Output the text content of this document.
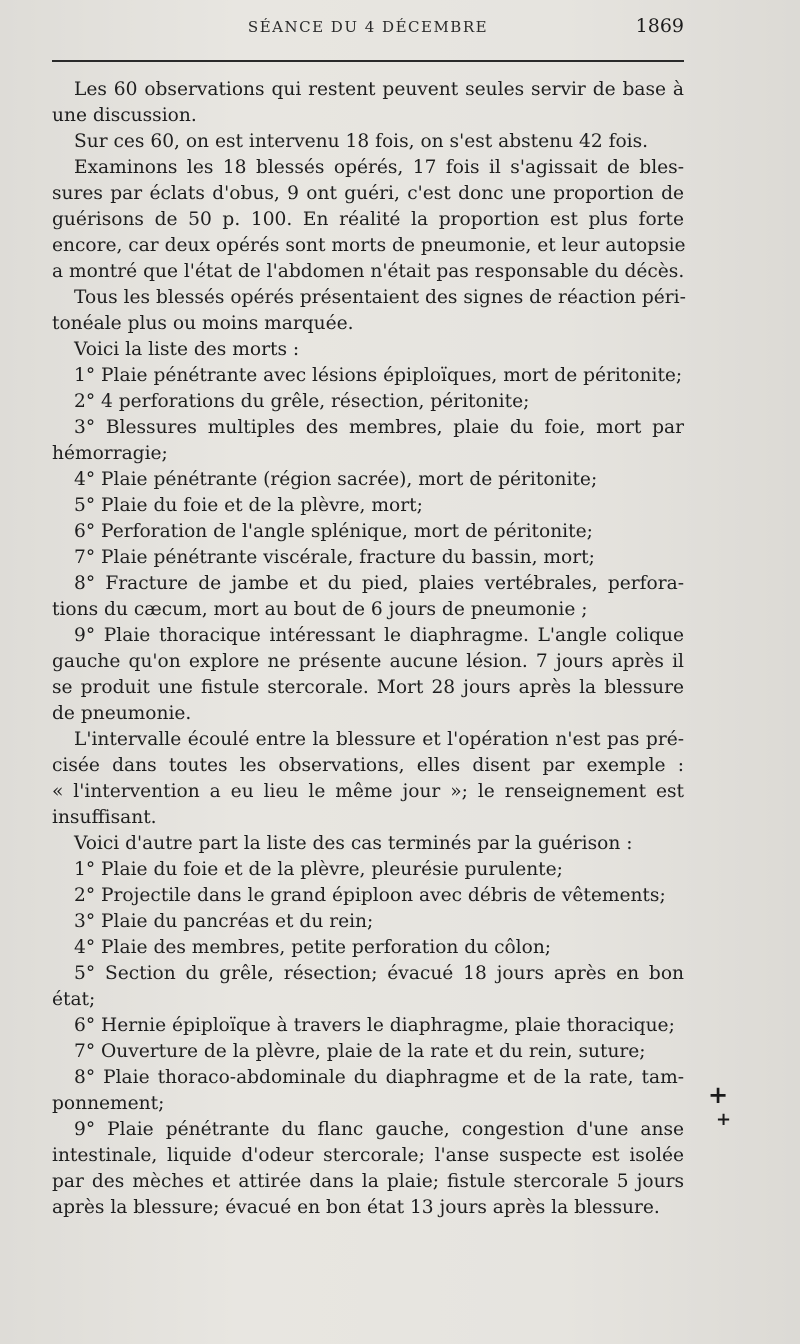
SÉANCE DU 4 DÉCEMBRE	1869
Les 60 observations qui restent peuvent seules servir de base à
une discussion.
Sur ces 60, on est intervenu 18 fois, on s'est abstenu 42 fois.
Examinons les 18 blessés opérés, 17 fois il s'agissait de bles-
sures par éclats d'obus, 9 ont guéri, c'est donc une proportion de
guérisons de 50 p. 100. En réalité la proportion est plus forte
encore, car deux opérés sont morts de pneumonie, et leur autopsie
a montré que l'état de l'abdomen n'était pas responsable du décès.
Tous les blessés opérés présentaient des signes de réaction péri-
tonéale plus ou moins marquée.
Voici la liste des morts :
1° Plaie pénétrante avec lésions épiploïques, mort de péritonite;
2° 4 perforations du grêle, résection, péritonite;
3° Blessures multiples des membres, plaie du foie, mort par
hémorragie;
4° Plaie pénétrante (région sacrée), mort de péritonite;
5° Plaie du foie et de la plèvre, mort;
6° Perforation de l'angle splénique, mort de péritonite;
7° Plaie pénétrante viscérale, fracture du bassin, mort;
8° Fracture de jambe et du pied, plaies vertébrales, perfora-
tions du cæcum, mort au bout de 6 jours de pneumonie ;
9° Plaie thoracique intéressant le diaphragme. L'angle colique
gauche qu'on explore ne présente aucune lésion. 7 jours après il
se produit une fistule stercorale. Mort 28 jours après la blessure
de pneumonie.
L'intervalle écoulé entre la blessure et l'opération n'est pas pré-
cisée dans toutes les observations, elles disent par exemple :
« l'intervention a eu lieu le même jour »; le renseignement est
insuffisant.
Voici d'autre part la liste des cas terminés par la guérison :
1° Plaie du foie et de la plèvre, pleurésie purulente;
2° Projectile dans le grand épiploon avec débris de vêtements;
3° Plaie du pancréas et du rein;
4° Plaie des membres, petite perforation du côlon;
5° Section du grêle, résection; évacué 18 jours après en bon
état;
6° Hernie épiploïque à travers le diaphragme, plaie thoracique;
7° Ouverture de la plèvre, plaie de la rate et du rein, suture;
8° Plaie thoraco-abdominale du diaphragme et de la rate, tam-
ponnement;
9° Plaie pénétrante du flanc gauche, congestion d'une anse
intestinale, liquide d'odeur stercorale; l'anse suspecte est isolée
par des mèches et attirée dans la plaie; fistule stercorale 5 jours
après la blessure; évacué en bon état 13 jours après la blessure.
+
+
